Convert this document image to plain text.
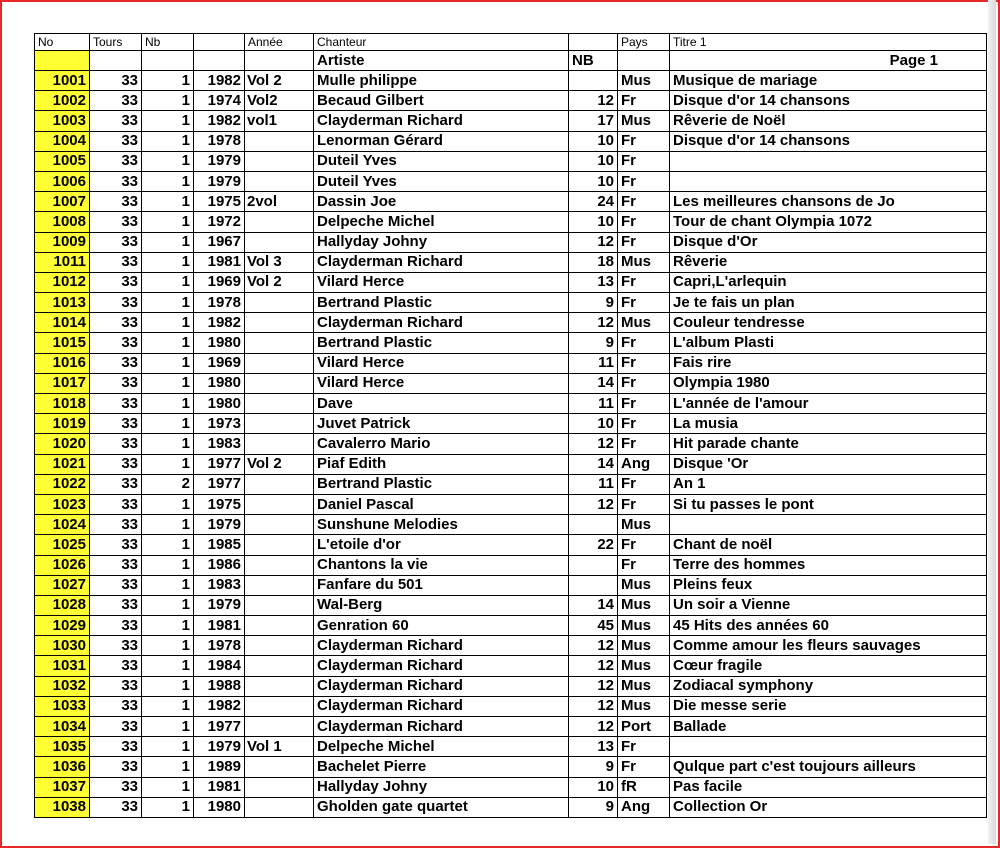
No	Tours	Nb		Année	Chanteur		Pays	Titre 1
					Artiste	NB		Page 1
1001	33	1	1982	Vol 2	Mulle philippe		Mus	Musique de mariage
1002	33	1	1974	Vol2	Becaud Gilbert	12	Fr	Disque d'or 14 chansons
1003	33	1	1982	vol1	Clayderman Richard	17	Mus	Rêverie de Noël
1004	33	1	1978		Lenorman Gérard	10	Fr	Disque d'or 14 chansons
1005	33	1	1979		Duteil Yves	10	Fr	
1006	33	1	1979		Duteil Yves	10	Fr	
1007	33	1	1975	2vol	Dassin Joe	24	Fr	Les meilleures chansons de Jo
1008	33	1	1972		Delpeche Michel	10	Fr	Tour de chant Olympia 1072
1009	33	1	1967		Hallyday Johny	12	Fr	Disque d'Or
1011	33	1	1981	Vol 3	Clayderman Richard	18	Mus	Rêverie
1012	33	1	1969	Vol 2	Vilard Herce	13	Fr	Capri,L'arlequin
1013	33	1	1978		Bertrand Plastic	9	Fr	Je te fais un plan
1014	33	1	1982		Clayderman Richard	12	Mus	Couleur tendresse
1015	33	1	1980		Bertrand Plastic	9	Fr	L'album Plasti
1016	33	1	1969		Vilard Herce	11	Fr	Fais rire
1017	33	1	1980		Vilard Herce	14	Fr	Olympia 1980
1018	33	1	1980		Dave	11	Fr	L'année de l'amour
1019	33	1	1973		Juvet Patrick	10	Fr	La musia
1020	33	1	1983		Cavalerro Mario	12	Fr	Hit parade chante
1021	33	1	1977	Vol 2	Piaf Edith	14	Ang	Disque 'Or
1022	33	2	1977		Bertrand Plastic	11	Fr	An 1
1023	33	1	1975		Daniel Pascal	12	Fr	Si tu passes le pont
1024	33	1	1979		Sunshune Melodies		Mus	
1025	33	1	1985		L'etoile d'or	22	Fr	Chant de noël
1026	33	1	1986		Chantons la vie		Fr	Terre des hommes
1027	33	1	1983		Fanfare du 501		Mus	Pleins feux
1028	33	1	1979		Wal-Berg	14	Mus	Un soir a Vienne
1029	33	1	1981		Genration 60	45	Mus	45 Hits des années 60
1030	33	1	1978		Clayderman Richard	12	Mus	Comme amour les fleurs sauvages
1031	33	1	1984		Clayderman Richard	12	Mus	Cœur fragile
1032	33	1	1988		Clayderman Richard	12	Mus	Zodiacal symphony
1033	33	1	1982		Clayderman Richard	12	Mus	Die messe serie
1034	33	1	1977		Clayderman Richard	12	Port	Ballade
1035	33	1	1979	Vol 1	Delpeche Michel	13	Fr	
1036	33	1	1989		Bachelet Pierre	9	Fr	Qulque part c'est toujours ailleurs
1037	33	1	1981		Hallyday Johny	10	fR	Pas facile
1038	33	1	1980		Gholden gate quartet	9	Ang	Collection Or
